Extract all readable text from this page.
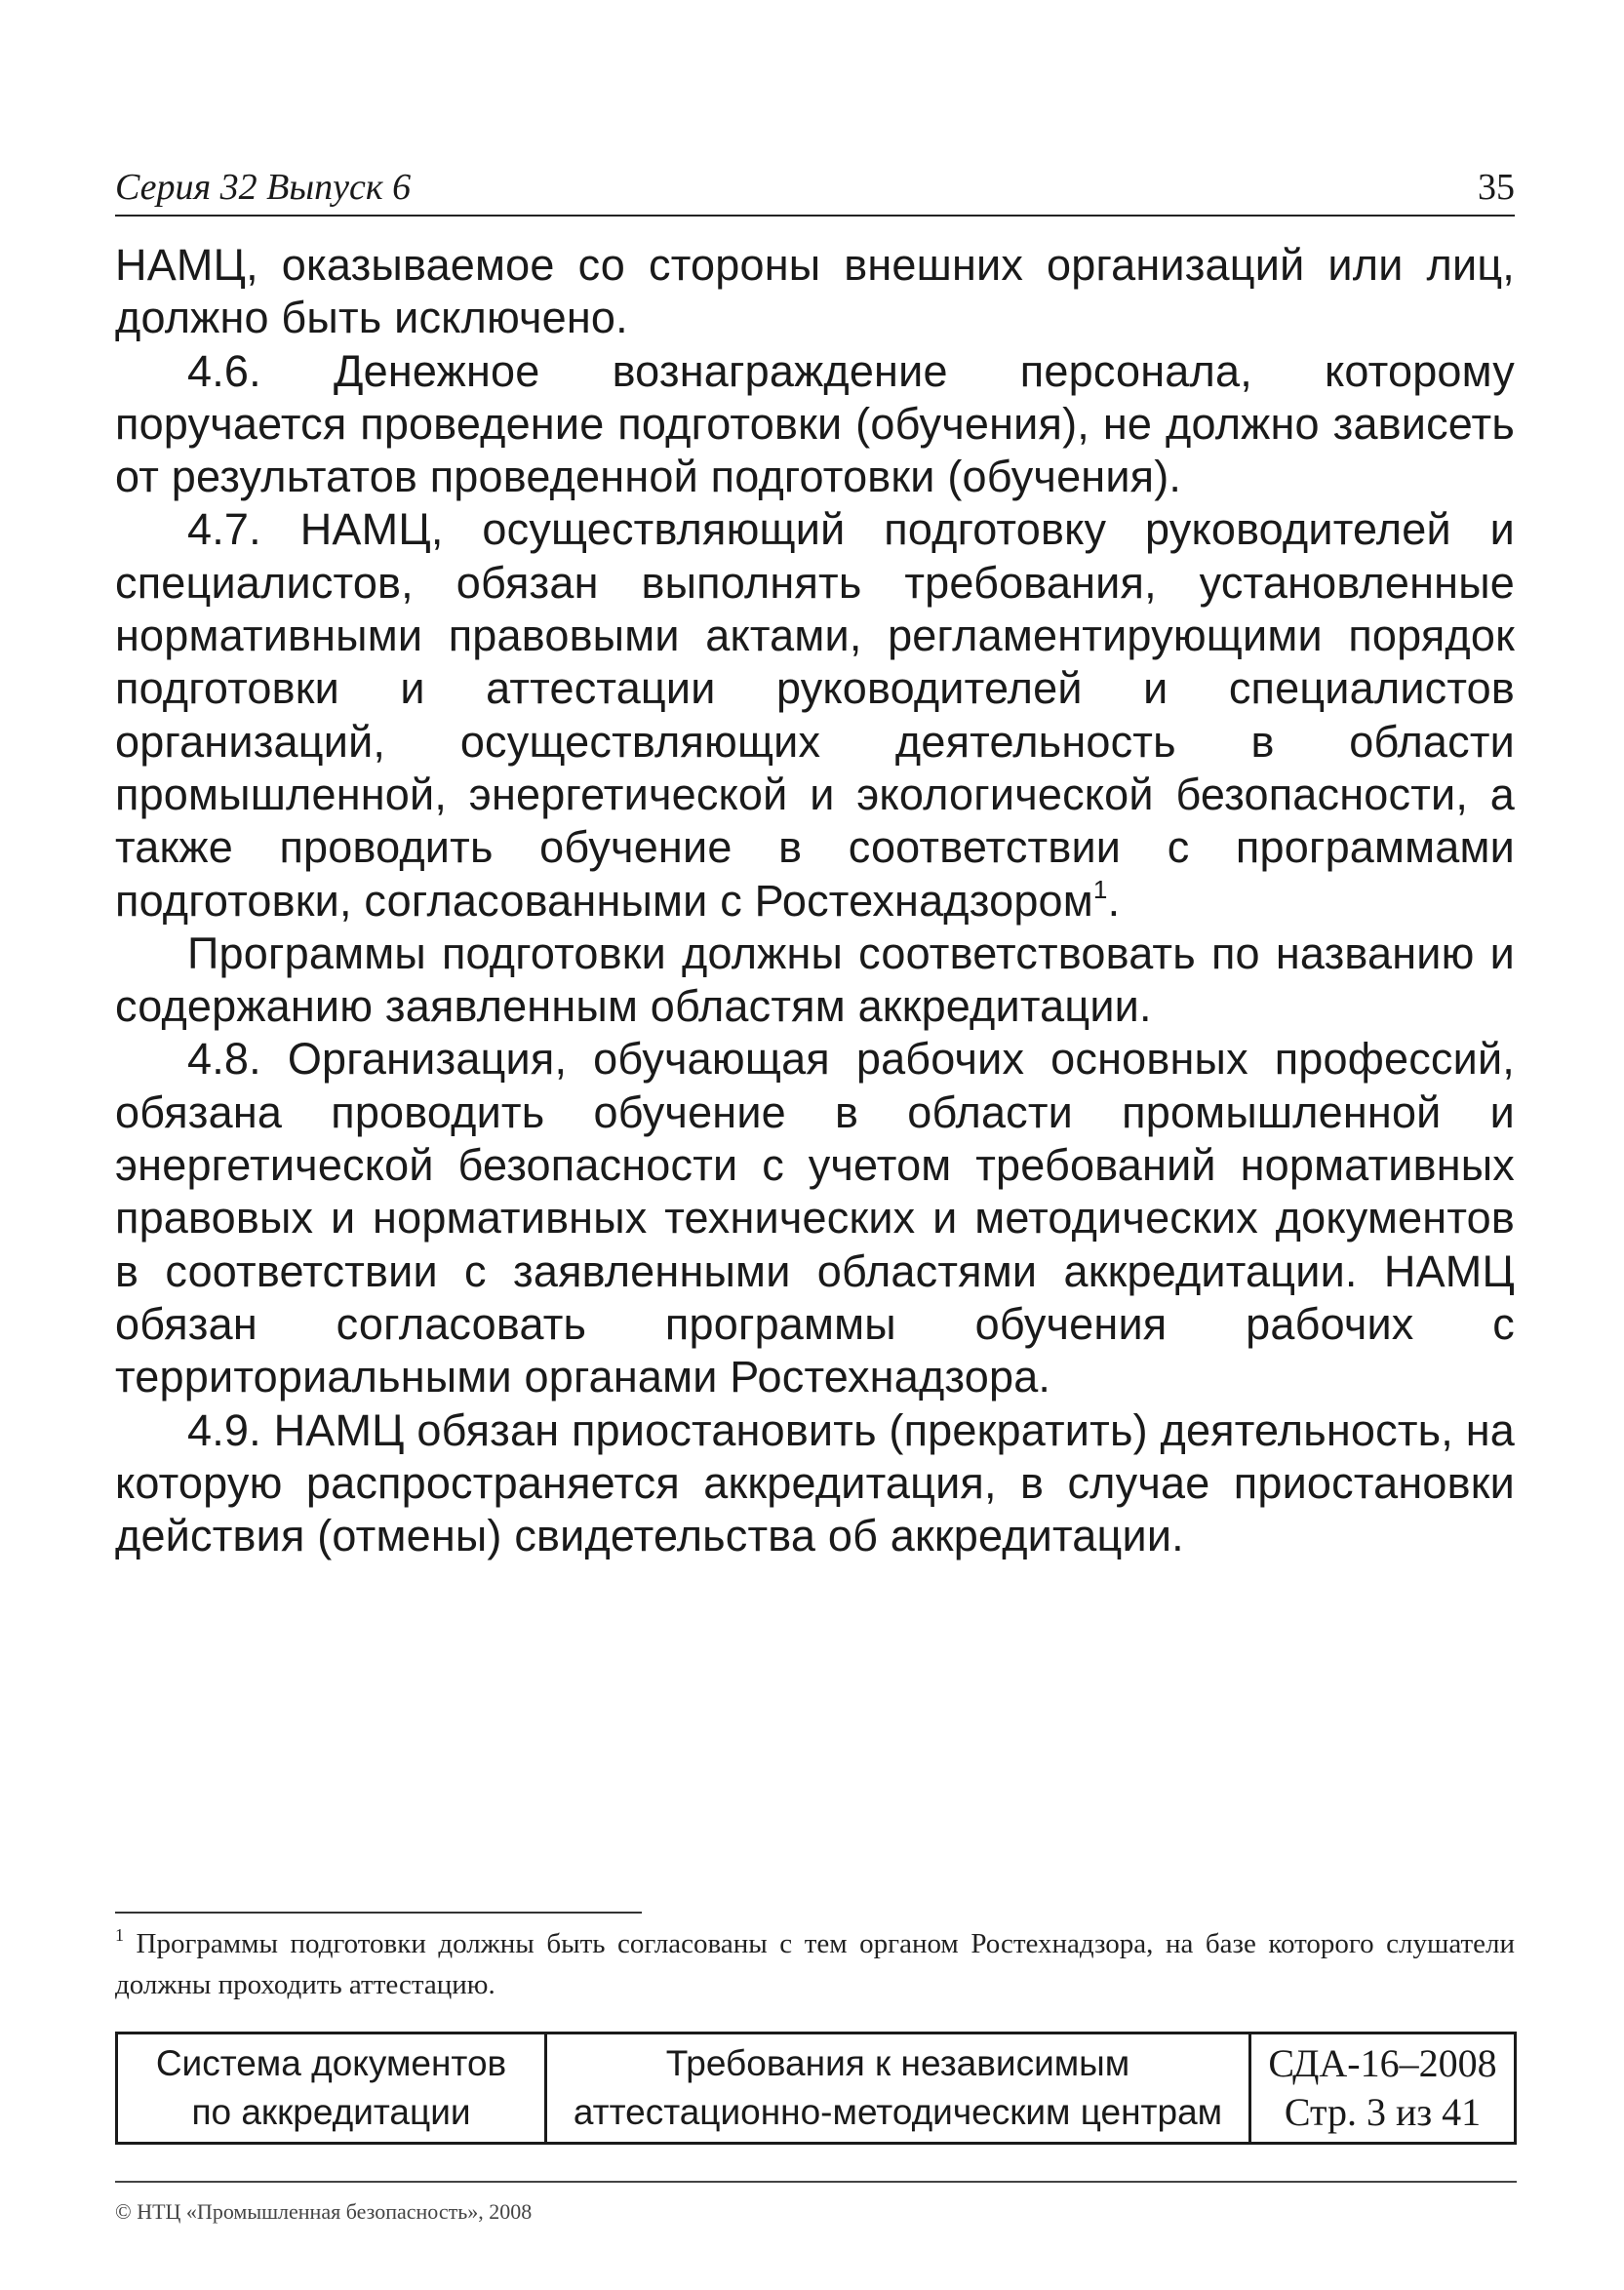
Серия 32 Выпуск 6	35

НАМЦ, оказываемое со стороны внешних организаций или лиц, должно быть исключено.

4.6. Денежное вознаграждение персонала, которому поручается проведение подготовки (обучения), не должно зависеть от результатов проведенной подготовки (обучения).

4.7. НАМЦ, осуществляющий подготовку руководителей и специалистов, обязан выполнять требования, установленные нормативными правовыми актами, регламентирующими порядок подготовки и аттестации руководителей и специалистов организаций, осуществляющих деятельность в области промышленной, энергетической и экологической безопасности, а также проводить обучение в соответствии с программами подготовки, согласованными с Ростехнадзором$^1$.

Программы подготовки должны соответствовать по названию и содержанию заявленным областям аккредитации.

4.8. Организация, обучающая рабочих основных профессий, обязана проводить обучение в области промышленной и энергетической безопасности с учетом требований нормативных правовых и нормативных технических и методических документов в соответствии с заявленными областями аккредитации. НАМЦ обязан согласовать программы обучения рабочих с территориальными органами Ростехнадзора.

4.9. НАМЦ обязан приостановить (прекратить) деятельность, на которую распространяется аккредитация, в случае приостановки действия (отмены) свидетельства об аккредитации.

$^1$ Программы подготовки должны быть согласованы с тем органом Ростехнадзора, на базе которого слушатели должны проходить аттестацию.
Система документов
по аккредитации
Требования к независимым
аттестационно-методическим центрам
СДА-16–2008
Стр. 3 из 41
© НТЦ «Промышленная безопасность», 2008
